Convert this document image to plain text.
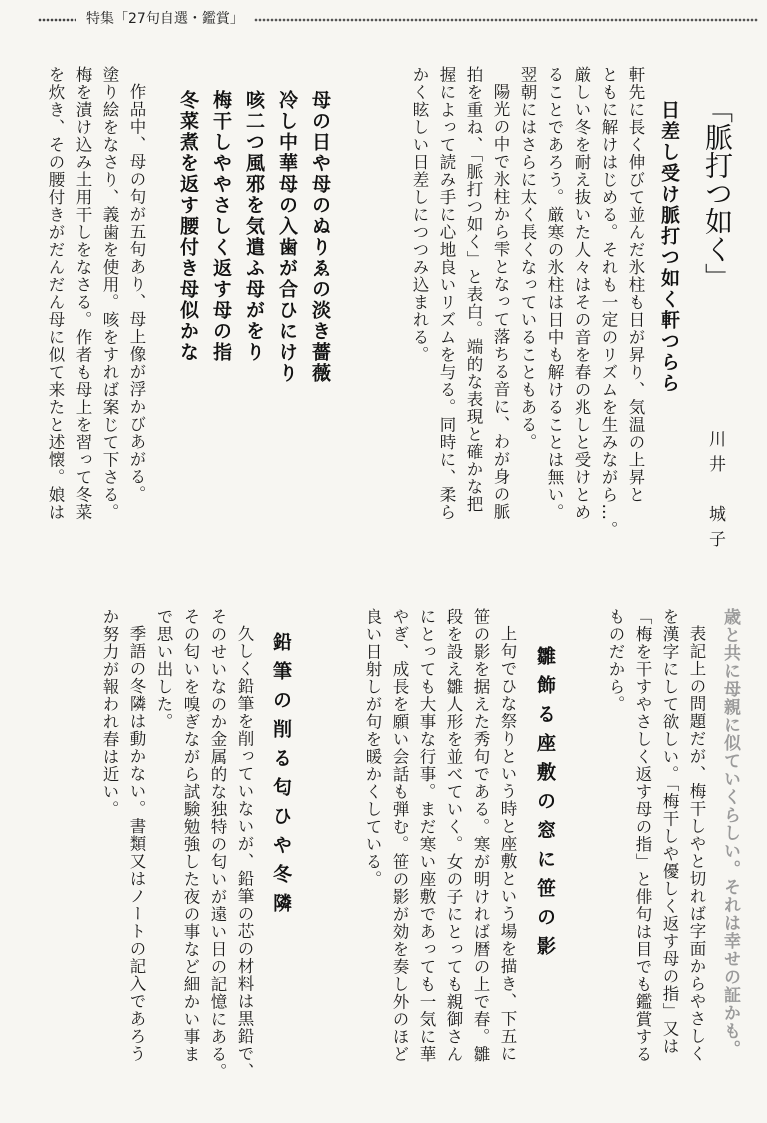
特集「27句自選・鑑賞」
「脈打つ如く」
川井　城子
日差し受け脈打つ如く軒つらら
軒先に長く伸びて並んだ氷柱も日が昇り、気温の上昇と
ともに解けはじめる。それも一定のリズムを生みながら…。
厳しい冬を耐え抜いた人々はその音を春の兆しと受けとめ
ることであろう。厳寒の氷柱は日中も解けることは無い。
翌朝にはさらに太く長くなっていることもある。
陽光の中で氷柱から雫となって落ちる音に、わが身の脈
拍を重ね、「脈打つ如く」と表白。端的な表現と確かな把
握によって読み手に心地良いリズムを与る。同時に、柔ら
かく眩しい日差しにつつみ込まれる。
母の日や母のぬりゑの淡き薔薇
冷し中華母の入歯が合ひにけり
咳二つ風邪を気遣ふ母がをり
梅干しややさしく返す母の指
冬菜煮を返す腰付き母似かな
作品中、母の句が五句あり、母上像が浮かびあがる。
塗り絵をなさり、義歯を使用。咳をすれば案じて下さる。
梅を漬け込み土用干しをなさる。作者も母上を習って冬菜
を炊き、その腰付きがだんだん母に似て来たと述懐。娘は
歳と共に母親に似ていくらしい。それは幸せの証かも。
表記上の問題だが、梅干しやと切れば字面からやさしく
を漢字にして欲しい。「梅干しや優しく返す母の指」又は
「梅を干すやさしく返す母の指」と俳句は目でも鑑賞する
ものだから。
雛飾る座敷の窓に笹の影
上句でひな祭りという時と座敷という場を描き、下五に
笹の影を据えた秀句である。寒が明ければ暦の上で春。雛
段を設え雛人形を並べていく。女の子にとっても親御さん
にとっても大事な行事。まだ寒い座敷であっても一気に華
やぎ、成長を願い会話も弾む。笹の影が効を奏し外のほど
良い日射しが句を暖かくしている。
鉛筆の削る匂ひや冬隣
久しく鉛筆を削っていないが、鉛筆の芯の材料は黒鉛で、
そのせいなのか金属的な独特の匂いが遠い日の記憶にある。
その匂いを嗅ぎながら試験勉強した夜の事など細かい事ま
で思い出した。
季語の冬隣は動かない。書類又はノートの記入であろう
か努力が報われ春は近い。
